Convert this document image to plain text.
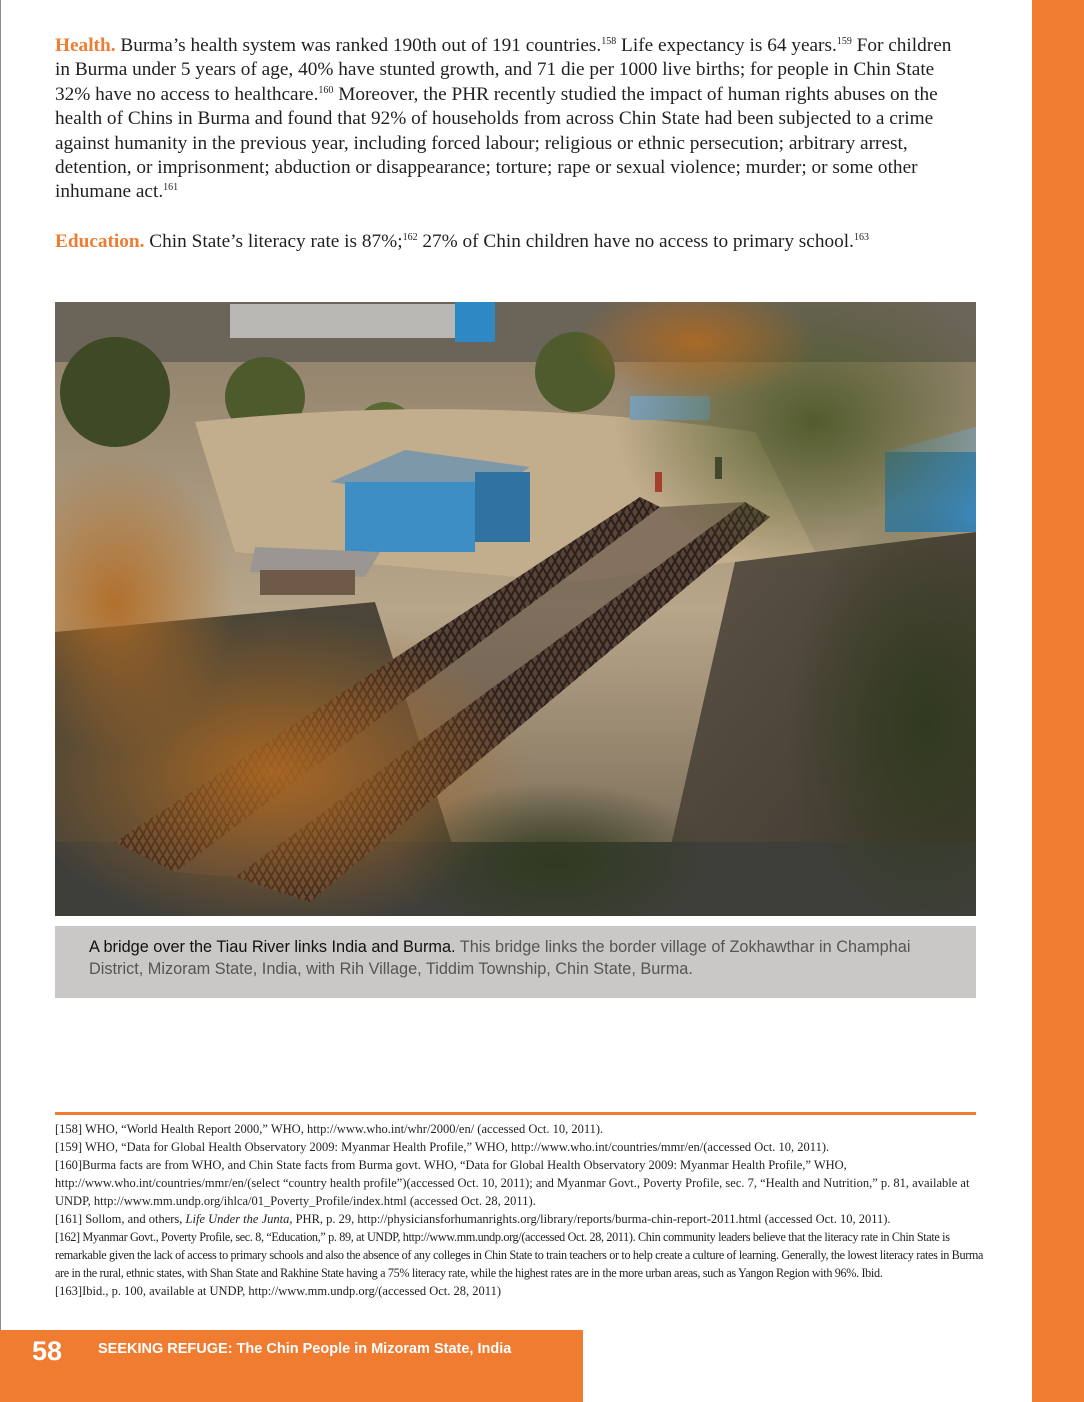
Health. Burma’s health system was ranked 190th out of 191 countries.$^{158}$ Life expectancy is 64 years.$^{159}$ For children in Burma under 5 years of age, 40% have stunted growth, and 71 die per 1000 live births; for people in Chin State 32% have no access to healthcare.$^{160}$ Moreover, the PHR recently studied the impact of human rights abuses on the health of Chins in Burma and found that 92% of households from across Chin State had been subjected to a crime against humanity in the previous year, including forced labour; religious or ethnic persecution; arbitrary arrest, detention, or imprisonment; abduction or disappearance; torture; rape or sexual violence; murder; or some other inhumane act.$^{161}$
Education. Chin State’s literacy rate is 87%;$^{162}$ 27% of Chin children have no access to primary school.$^{163}$
A bridge over the Tiau River links India and Burma. This bridge links the border village of Zokhawthar in Champhai District, Mizoram State, India, with Rih Village, Tiddim Township, Chin State, Burma.

[158] WHO, “World Health Report 2000,” WHO, http://www.who.int/whr/2000/en/ (accessed Oct. 10, 2011).

[159] WHO, “Data for Global Health Observatory 2009: Myanmar Health Profile,” WHO, http://www.who.int/countries/mmr/en/(accessed Oct. 10, 2011).

[160]Burma facts are from WHO, and Chin State facts from Burma govt. WHO, “Data for Global Health Observatory 2009: Myanmar Health Profile,” WHO, http://www.who.int/countries/mmr/en/(select “country health profile”)(accessed Oct. 10, 2011); and Myanmar Govt., Poverty Profile, sec. 7, “Health and Nutrition,” p. 81, available at UNDP, http://www.mm.undp.org/ihlca/01_Poverty_Profile/index.html (accessed Oct. 28, 2011).

[161] Sollom, and others, Life Under the Junta, PHR, p. 29, http://physiciansforhumanrights.org/library/reports/burma-chin-report-2011.html (accessed Oct. 10, 2011).

[162] Myanmar Govt., Poverty Profile, sec. 8, “Education,” p. 89, at UNDP, http://www.mm.undp.org/(accessed Oct. 28, 2011). Chin community leaders believe that the literacy rate in Chin State is remarkable given the lack of access to primary schools and also the absence of any colleges in Chin State to train teachers or to help create a culture of learning. Generally, the lowest literacy rates in Burma are in the rural, ethnic states, with Shan State and Rakhine State having a 75% literacy rate, while the highest rates are in the more urban areas, such as Yangon Region with 96%. Ibid.

[163]Ibid., p. 100, available at UNDP, http://www.mm.undp.org/(accessed Oct. 28, 2011)

58 SEEKING REFUGE: The Chin People in Mizoram State, India
